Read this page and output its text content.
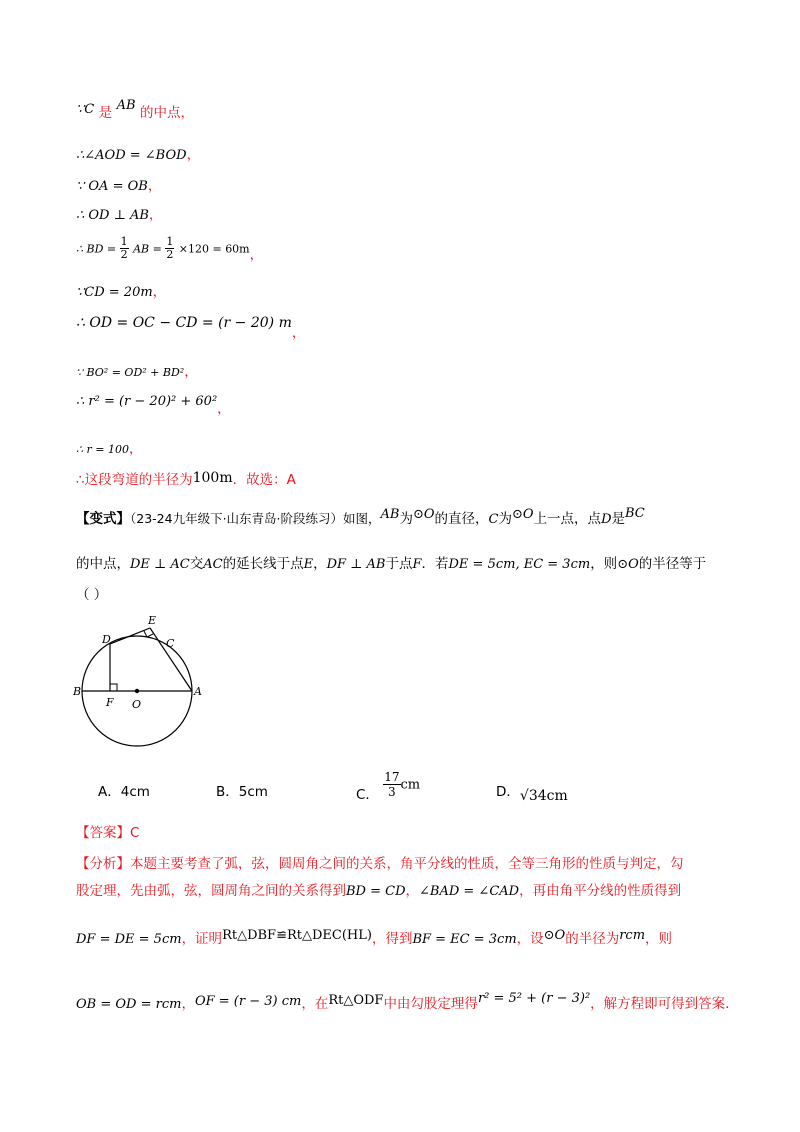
∵C 是 AB 的中点，
∴∠AOD = ∠BOD，
∵ OA = OB，
∴ OD ⊥ AB，
∴ BD = $\frac{1}{2}$ AB = $\frac{1}{2} \times 120 = 60m$，
∵CD = 20m，
∴ OD = OC − CD = (r − 20) m，
∵ BO² = OD² + BD²，
∴ r² = (r − 20)² + 60²，
∴ r = 100，
∴这段弯道的半径为100m．故选：A
【变式】（23-24九年级下·山东青岛·阶段练习）如图，AB为⊙O的直径，C为⊙O上一点，点D是BC
的中点，DE ⊥ AC交AC的延长线于点E，DF ⊥ AB于点F．若DE = 5cm, EC = 3cm，则⊙O的半径等于
（ ）
E
D	C
B	A
F O
A．4cm	B．5cm	C． $\frac{17}{3}$ cm	D．√34cm
【答案】C
【分析】本题主要考查了弧，弦，圆周角之间的关系，角平分线的性质，全等三角形的性质与判定，勾
股定理，先由弧，弦，圆周角之间的关系得到BD = CD，∠BAD = ∠CAD，再由角平分线的性质得到
DF = DE = 5cm，证明Rt△DBF≌Rt△DEC(HL)，得到BF = EC = 3cm，设⊙O的半径为rcm，则
OB = OD = rcm，OF = (r − 3) cm，在Rt△ODF中由勾股定理得r² = 5² + (r − 3)²，解方程即可得到答案.
